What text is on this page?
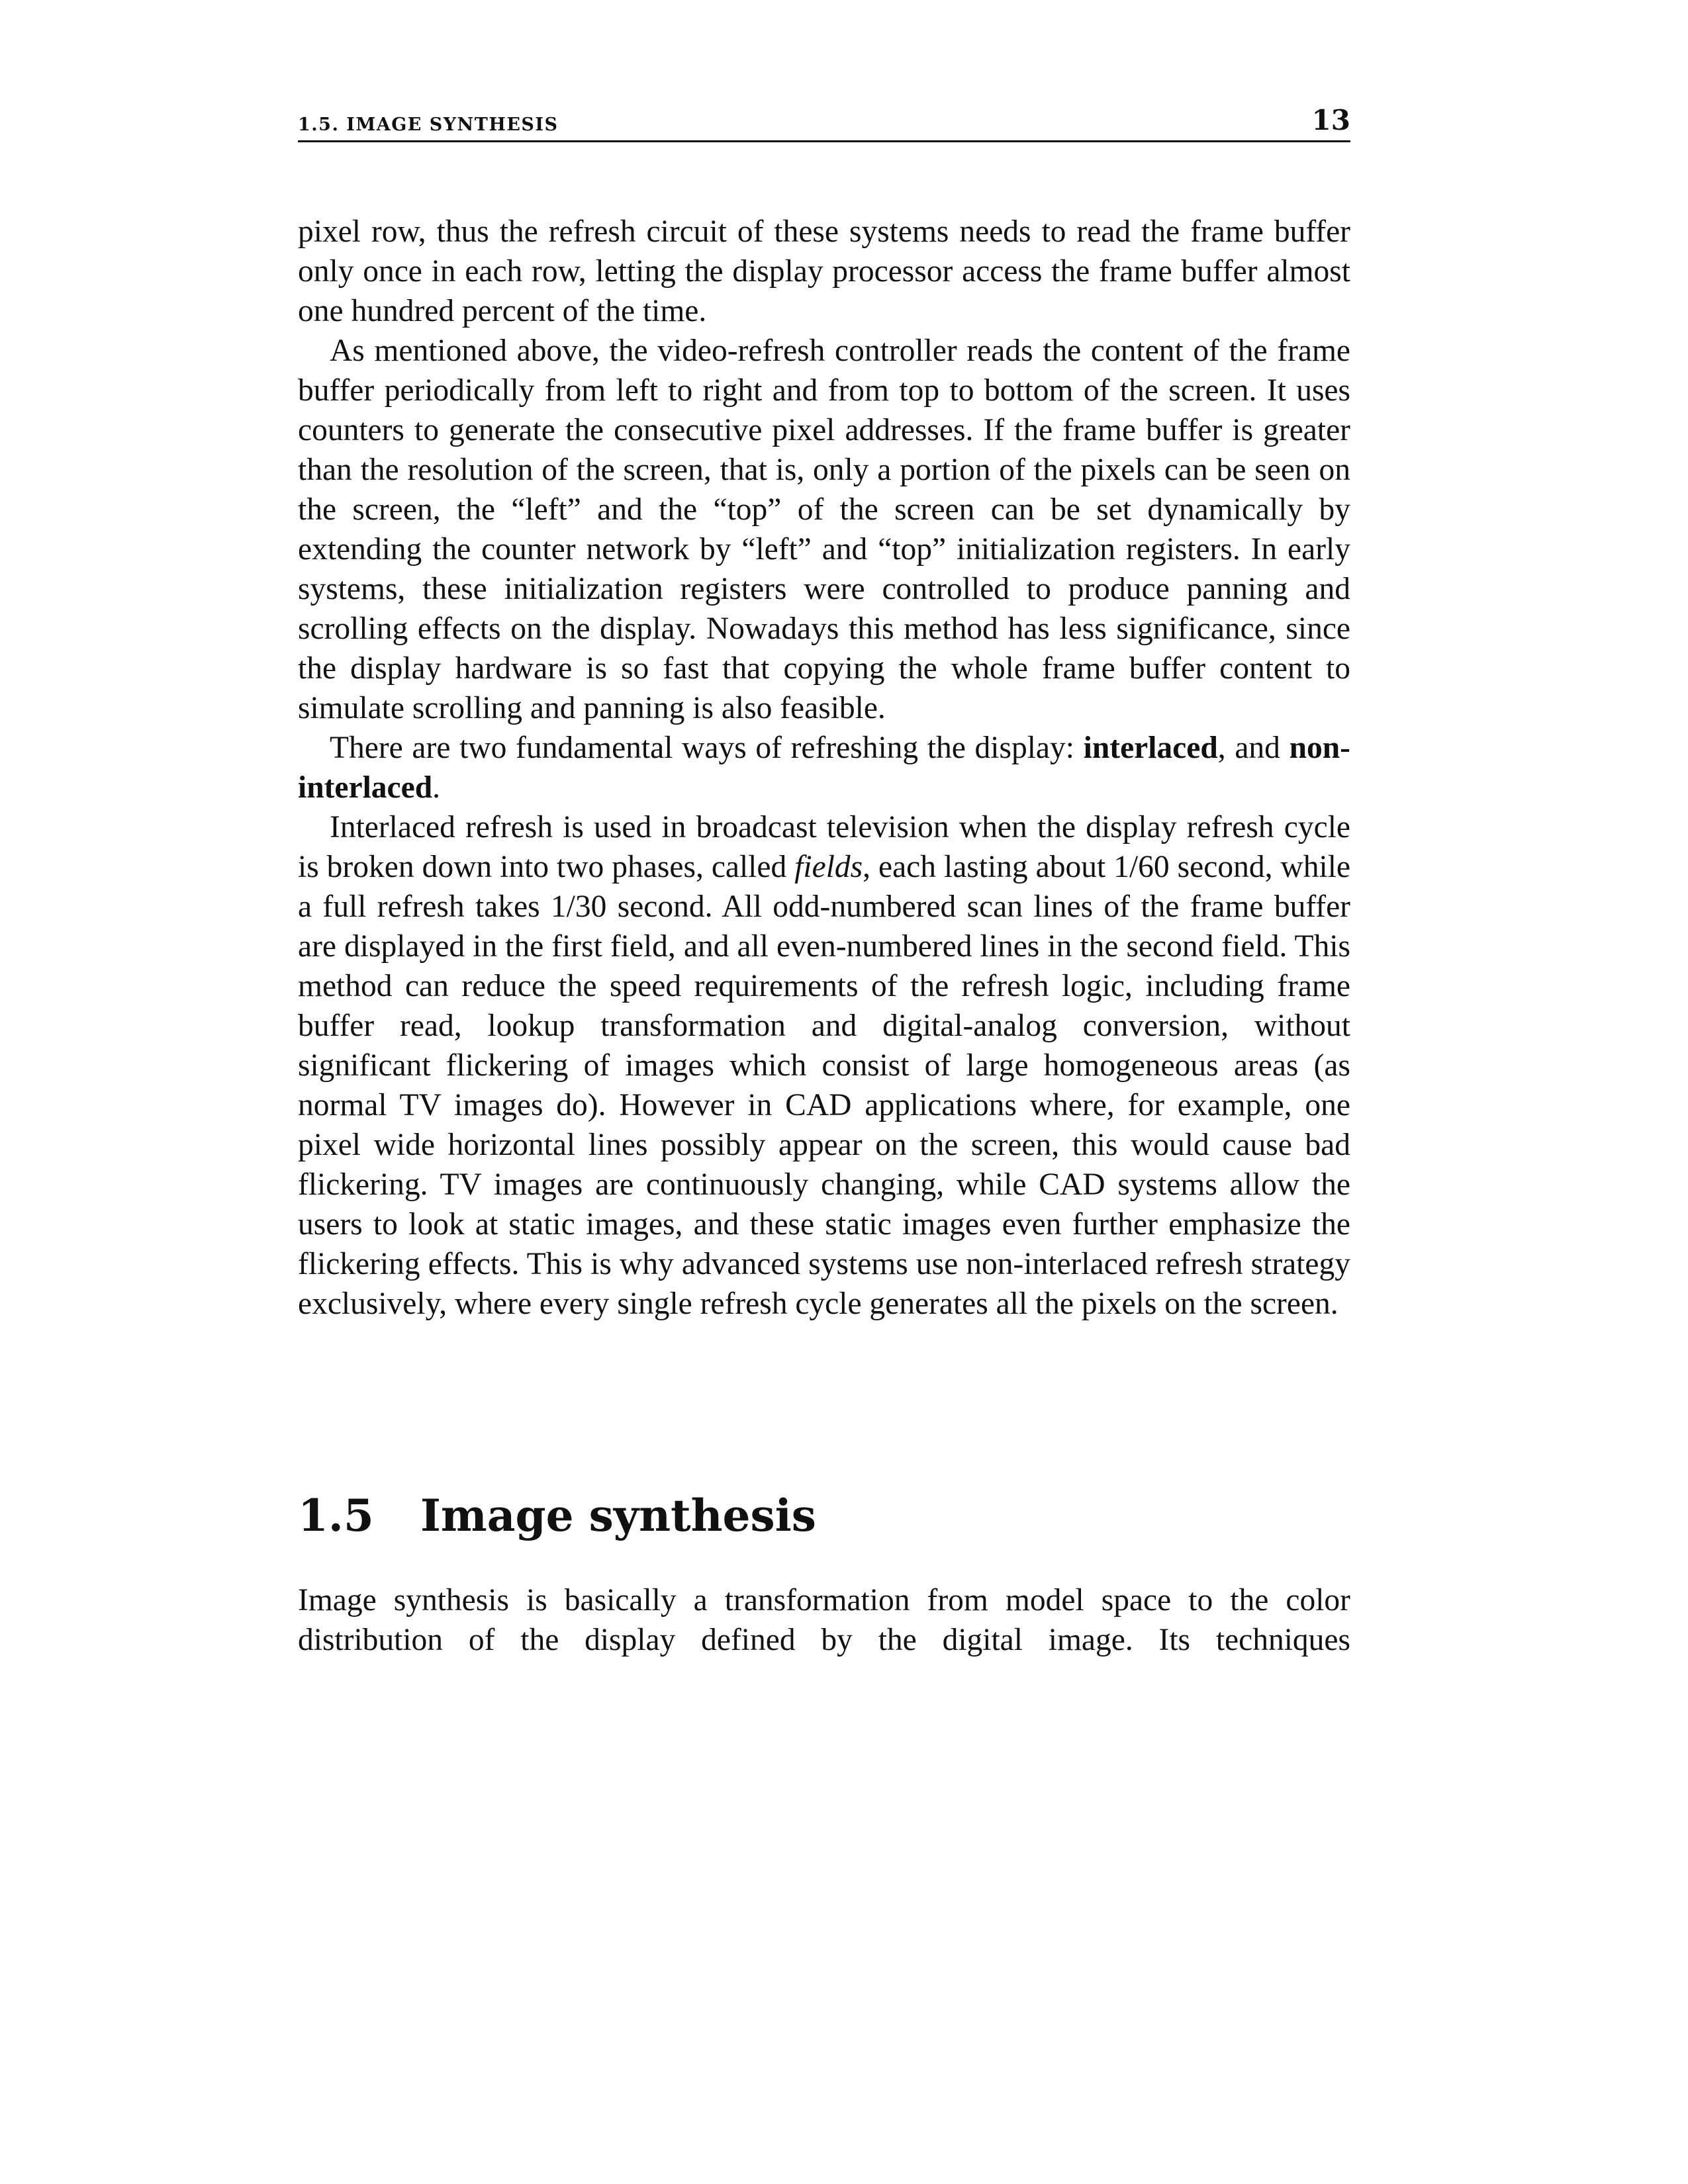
1.5. IMAGE SYNTHESIS	13

pixel row, thus the refresh circuit of these systems needs to read the frame buffer only once in each row, letting the display processor access the frame buffer almost one hundred percent of the time.

As mentioned above, the video-refresh controller reads the content of the frame buffer periodically from left to right and from top to bottom of the screen. It uses counters to generate the consecutive pixel addresses. If the frame buffer is greater than the resolution of the screen, that is, only a portion of the pixels can be seen on the screen, the “left” and the “top” of the screen can be set dynamically by extending the counter network by “left” and “top” initialization registers. In early systems, these initialization registers were controlled to produce panning and scrolling effects on the display. Nowadays this method has less significance, since the display hardware is so fast that copying the whole frame buffer content to simulate scrolling and panning is also feasible.

There are two fundamental ways of refreshing the display: interlaced, and non-interlaced.

Interlaced refresh is used in broadcast television when the display refresh cycle is broken down into two phases, called fields, each lasting about 1/60 second, while a full refresh takes 1/30 second. All odd-numbered scan lines of the frame buffer are displayed in the first field, and all even-numbered lines in the second field. This method can reduce the speed requirements of the refresh logic, including frame buffer read, lookup transformation and digital-analog conversion, without significant flickering of images which consist of large homogeneous areas (as normal TV images do). However in CAD applications where, for example, one pixel wide horizontal lines possibly appear on the screen, this would cause bad flickering. TV images are continuously changing, while CAD systems allow the users to look at static images, and these static images even further emphasize the flickering effects. This is why advanced systems use non-interlaced refresh strategy exclusively, where every single refresh cycle generates all the pixels on the screen.

1.5 Image synthesis

Image synthesis is basically a transformation from model space to the color distribution of the display defined by the digital image. Its techniques
